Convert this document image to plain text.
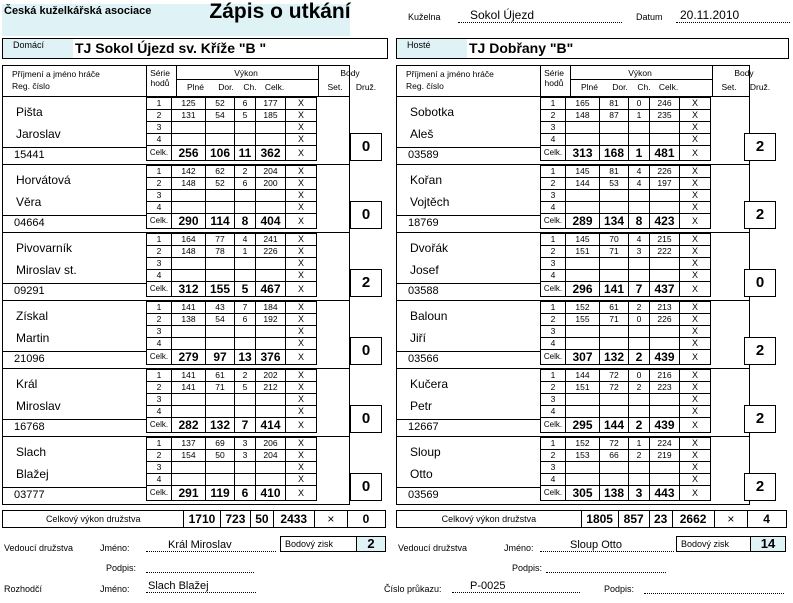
Česká kuželkářská asociace	Zápis o utkání	Kuželna	Sokol Újezd	Datum	20.11.2010
Domácí	TJ Sokol Újezd sv. Kříže "B "	Hosté	TJ Dobřany "B"
Příjmení a jméno hráče
Reg. číslo
Série
hodů
Výkon
Plné	Dor.	Ch. Celk.
Body
Set.	Druž.
Pišta
Jaroslav
15441
1	125	52	6	177	X
2	131	54	5	185	X
3					X
4					X
Celk.	256	106	11	362	X	0
Horvátová
Věra
04664
1	142	62	2	204	X
2	148	52	6	200	X
3					X
4					X
Celk.	290	114	8	404	X	0
Pivovarník
Miroslav st.
09291
1	164	77	4	241	X
2	148	78	1	226	X
3					X
4					X
Celk.	312	155	5	467	X	2
Získal
Martin
21096
1	141	43	7	184	X
2	138	54	6	192	X
3					X
4					X
Celk.	279	97	13	376	X	0
Král
Miroslav
16768
1	141	61	2	202	X
2	141	71	5	212	X
3					X
4					X
Celk.	282	132	7	414	X	0
Slach
Blažej
03777
1	137	69	3	206	X
2	154	50	3	204	X
3					X
4					X
Celk.	291	119	6	410	X	0
Příjmení a jméno hráče
Reg. číslo
Série
hodů
Výkon
Plné	Dor.	Ch. Celk.
Body
Set.	Druž.
Sobotka
Aleš
03589
1	165	81	0	246	X
2	148	87	1	235	X
3					X
4					X
Celk.	313	168	1	481	X	2
Kořan
Vojtěch
18769
1	145	81	4	226	X
2	144	53	4	197	X
3					X
4					X
Celk.	289	134	8	423	X	2
Dvořák
Josef
03588
1	145	70	4	215	X
2	151	71	3	222	X
3					X
4					X
Celk.	296	141	7	437	X	0
Baloun
Jiří
03566
1	152	61	2	213	X
2	155	71	0	226	X
3					X
4					X
Celk.	307	132	2	439	X	2
Kučera
Petr
12667
1	144	72	0	216	X
2	151	72	2	223	X
3					X
4					X
Celk.	295	144	2	439	X	2
Sloup
Otto
03569
1	152	72	1	224	X
2	153	66	2	219	X
3					X
4					X
Celk.	305	138	3	443	X	2
Celkový výkon družstva	1710	723	50	2433	×	0	Celkový výkon družstva	1805	857	23	2662	×	4
Vedoucí družstva	Jméno:	Král Miroslav
Podpis:
Bodový zisk	2	Vedoucí družstva	Jméno:	Sloup Otto
Podpis:
Bodový zisk	14
Rozhodčí	Jméno: Slach Blažej	Číslo průkazu:	P-0025	Podpis:
